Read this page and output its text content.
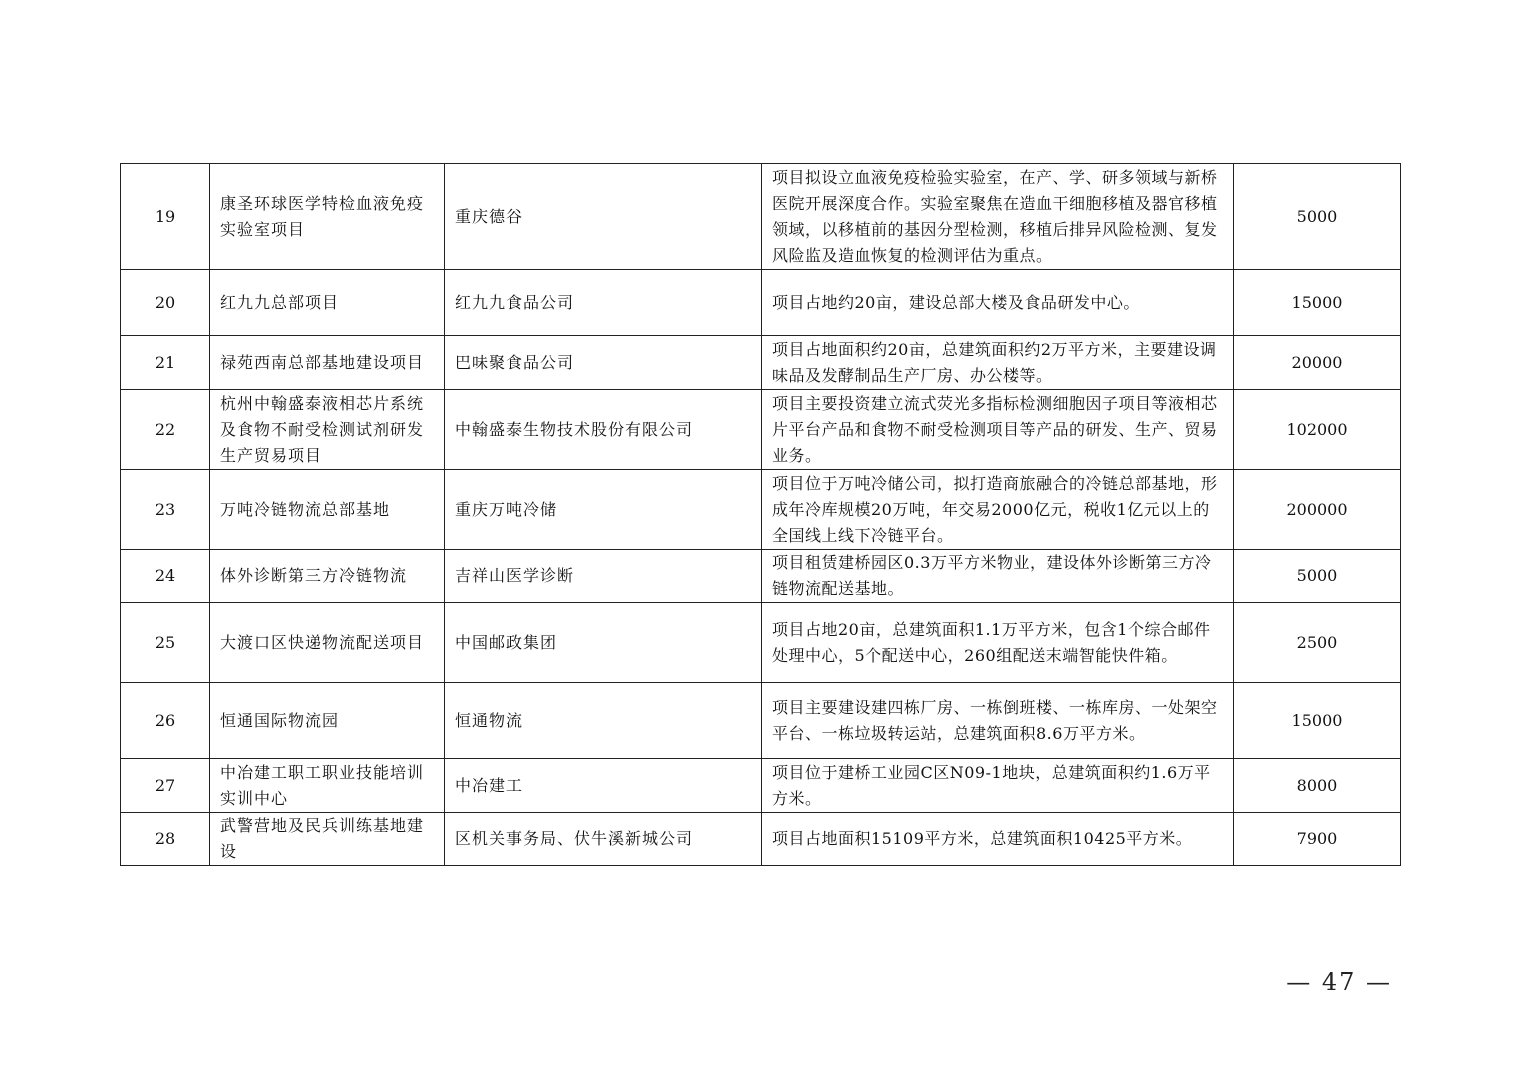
19	康圣环球医学特检血液免疫实验室项目	重庆德谷	项目拟设立血液免疫检验实验室，在产、学、研多领域与新桥医院开展深度合作。实验室聚焦在造血干细胞移植及器官移植领域，以移植前的基因分型检测，移植后排异风险检测、复发风险监及造血恢复的检测评估为重点。	5000
20	红九九总部项目	红九九食品公司	项目占地约20亩，建设总部大楼及食品研发中心。	15000
21	禄苑西南总部基地建设项目	巴味聚食品公司	项目占地面积约20亩，总建筑面积约2万平方米，主要建设调味品及发酵制品生产厂房、办公楼等。	20000
22	杭州中翰盛泰液相芯片系统及食物不耐受检测试剂研发生产贸易项目	中翰盛泰生物技术股份有限公司	项目主要投资建立流式荧光多指标检测细胞因子项目等液相芯片平台产品和食物不耐受检测项目等产品的研发、生产、贸易业务。	102000
23	万吨冷链物流总部基地	重庆万吨冷储	项目位于万吨冷储公司，拟打造商旅融合的冷链总部基地，形成年冷库规模20万吨，年交易2000亿元，税收1亿元以上的全国线上线下冷链平台。	200000
24	体外诊断第三方冷链物流	吉祥山医学诊断	项目租赁建桥园区0.3万平方米物业，建设体外诊断第三方冷链物流配送基地。	5000
25	大渡口区快递物流配送项目	中国邮政集团	项目占地20亩，总建筑面积1.1万平方米，包含1个综合邮件处理中心，5个配送中心，260组配送末端智能快件箱。	2500
26	恒通国际物流园	恒通物流	项目主要建设建四栋厂房、一栋倒班楼、一栋库房、一处架空平台、一栋垃圾转运站，总建筑面积8.6万平方米。	15000
27	中冶建工职工职业技能培训实训中心	中冶建工	项目位于建桥工业园C区N09-1地块，总建筑面积约1.6万平方米。	8000
28	武警营地及民兵训练基地建设	区机关事务局、伏牛溪新城公司	项目占地面积15109平方米，总建筑面积10425平方米。	7900
— 47 —
